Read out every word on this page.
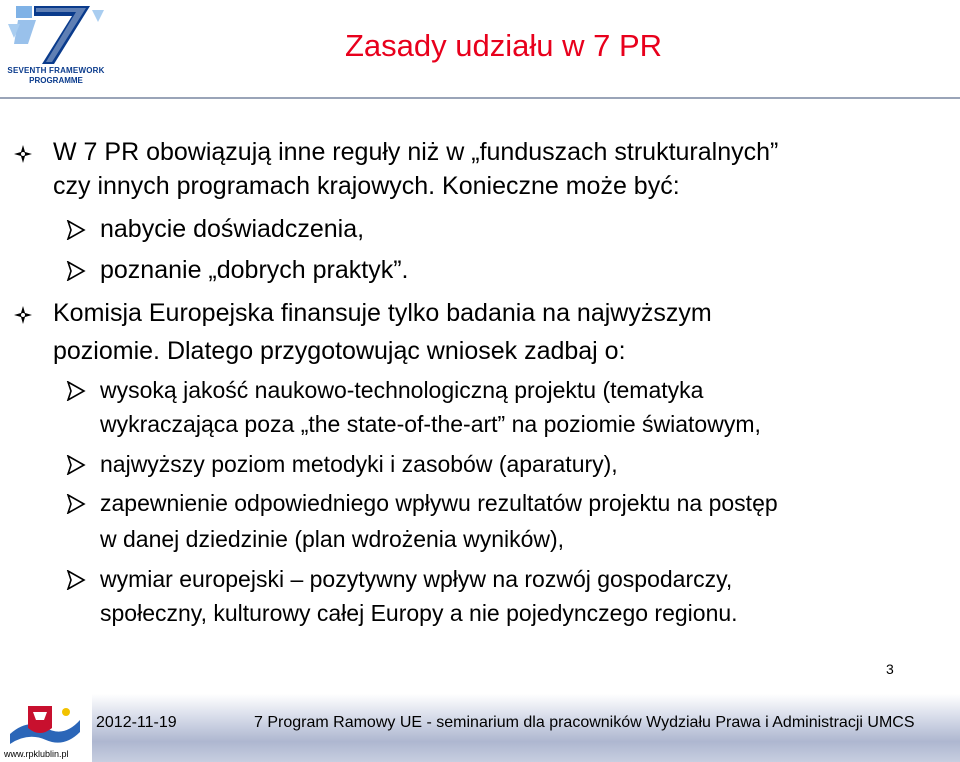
SEVENTH FRAMEWORK
PROGRAMME
Zasady udziału w 7 PR
W 7 PR obowiązują inne reguły niż w „funduszach strukturalnych”
czy innych programach krajowych. Konieczne może być:
nabycie doświadczenia,
poznanie „dobrych praktyk”.
Komisja Europejska finansuje tylko badania na najwyższym
poziomie. Dlatego przygotowując wniosek zadbaj o:
wysoką jakość naukowo-technologiczną projektu (tematyka
wykraczająca poza „the state-of-the-art” na poziomie światowym,
najwyższy poziom metodyki i zasobów (aparatury),
zapewnienie odpowiedniego wpływu rezultatów projektu na postęp
w danej dziedzinie (plan wdrożenia wyników),
wymiar europejski – pozytywny wpływ na rozwój gospodarczy,
społeczny, kulturowy całej Europy a nie pojedynczego regionu.
3
2012-11-19	7 Program Ramowy UE - seminarium dla pracowników Wydziału Prawa i Administracji UMCS
www.rpklublin.pl
